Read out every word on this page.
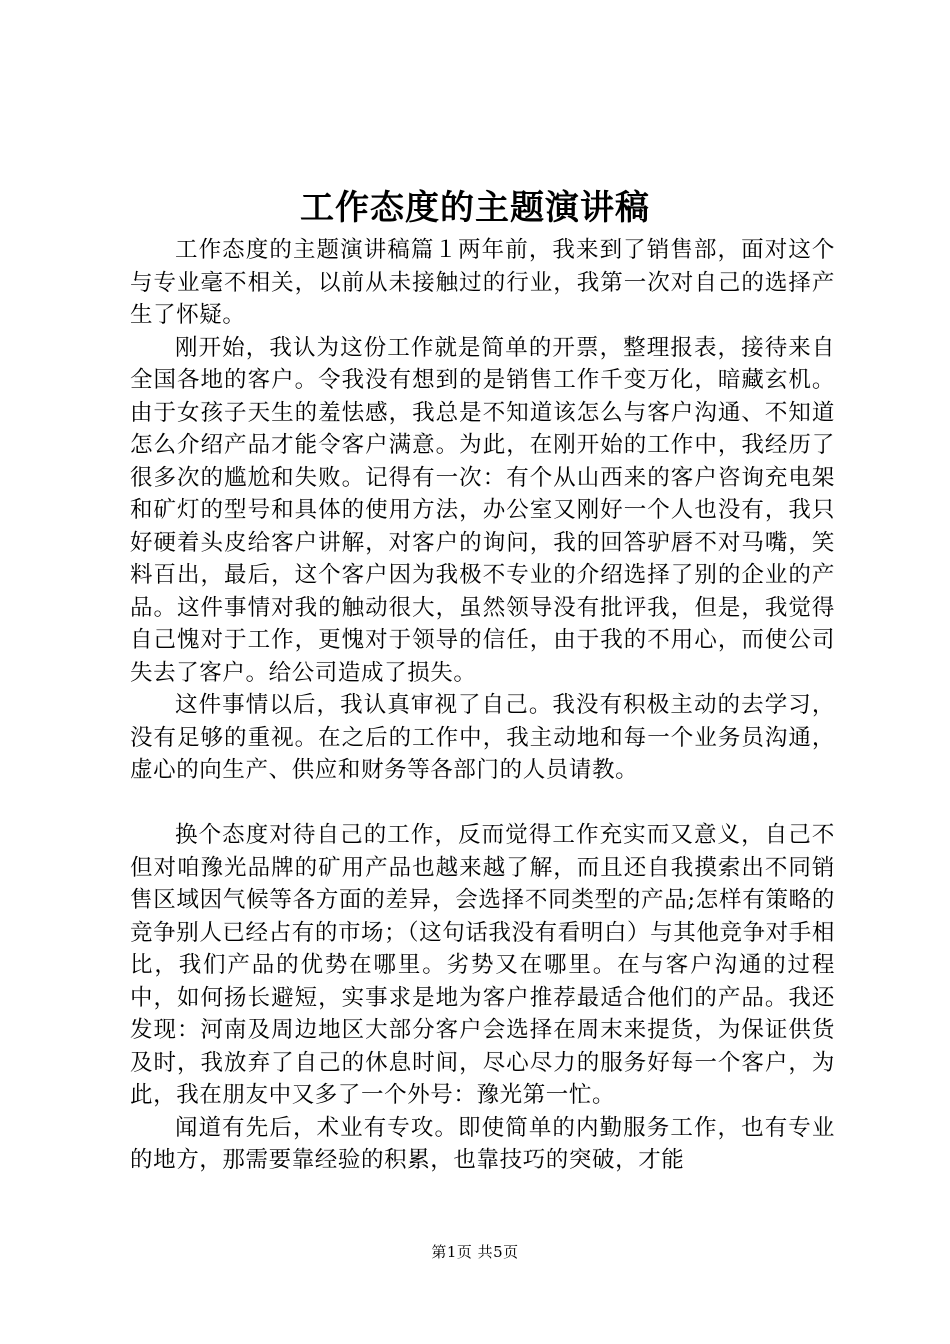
工作态度的主题演讲稿

工作态度的主题演讲稿篇１两年前，我来到了销售部，面对这个与专业毫不相关，以前从未接触过的行业，我第一次对自己的选择产生了怀疑。

刚开始，我认为这份工作就是简单的开票，整理报表，接待来自全国各地的客户。令我没有想到的是销售工作千变万化，暗藏玄机。由于女孩子天生的羞怯感，我总是不知道该怎么与客户沟通、不知道怎么介绍产品才能令客户满意。为此，在刚开始的工作中，我经历了很多次的尴尬和失败。记得有一次：有个从山西来的客户咨询充电架和矿灯的型号和具体的使用方法，办公室又刚好一个人也没有，我只好硬着头皮给客户讲解，对客户的询问，我的回答驴唇不对马嘴，笑料百出，最后，这个客户因为我极不专业的介绍选择了别的企业的产品。这件事情对我的触动很大，虽然领导没有批评我，但是，我觉得自己愧对于工作，更愧对于领导的信任，由于我的不用心，而使公司失去了客户。给公司造成了损失。

这件事情以后，我认真审视了自己。我没有积极主动的去学习，没有足够的重视。在之后的工作中，我主动地和每一个业务员沟通，虚心的向生产、供应和财务等各部门的人员请教。

换个态度对待自己的工作，反而觉得工作充实而又意义，自己不但对咱豫光品牌的矿用产品也越来越了解，而且还自我摸索出不同销售区域因气候等各方面的差异，会选择不同类型的产品;怎样有策略的竞争别人已经占有的市场；（这句话我没有看明白）与其他竞争对手相比，我们产品的优势在哪里。劣势又在哪里。在与客户沟通的过程中，如何扬长避短，实事求是地为客户推荐最适合他们的产品。我还发现：河南及周边地区大部分客户会选择在周末来提货，为保证供货及时，我放弃了自己的休息时间，尽心尽力的服务好每一个客户，为此，我在朋友中又多了一个外号：豫光第一忙。

闻道有先后，术业有专攻。即使简单的内勤服务工作，也有专业的地方，那需要靠经验的积累，也靠技巧的突破，才能

第1页 共5页
